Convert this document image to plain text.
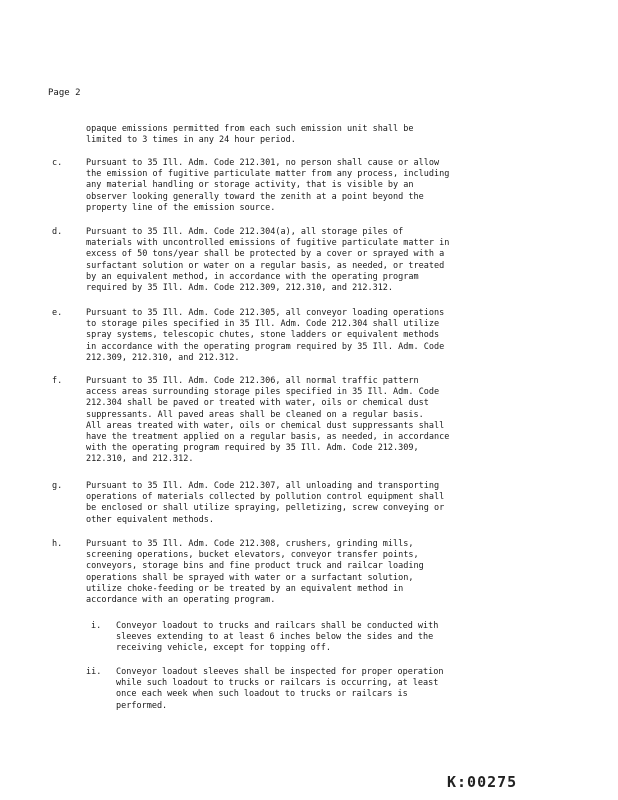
Page 2
opaque emissions permitted from each such emission unit shall be
limited to 3 times in any 24 hour period.
c.	Pursuant to 35 Ill. Adm. Code 212.301, no person shall cause or allow
the emission of fugitive particulate matter from any process, including
any material handling or storage activity, that is visible by an
observer looking generally toward the zenith at a point beyond the
property line of the emission source.
d.	Pursuant to 35 Ill. Adm. Code 212.304(a), all storage piles of
materials with uncontrolled emissions of fugitive particulate matter in
excess of 50 tons/year shall be protected by a cover or sprayed with a
surfactant solution or water on a regular basis, as needed, or treated
by an equivalent method, in accordance with the operating program
required by 35 Ill. Adm. Code 212.309, 212.310, and 212.312.
e.	Pursuant to 35 Ill. Adm. Code 212.305, all conveyor loading operations
to storage piles specified in 35 Ill. Adm. Code 212.304 shall utilize
spray systems, telescopic chutes, stone ladders or equivalent methods
in accordance with the operating program required by 35 Ill. Adm. Code
212.309, 212.310, and 212.312.
f.	Pursuant to 35 Ill. Adm. Code 212.306, all normal traffic pattern
access areas surrounding storage piles specified in 35 Ill. Adm. Code
212.304 shall be paved or treated with water, oils or chemical dust
suppressants. All paved areas shall be cleaned on a regular basis.
All areas treated with water, oils or chemical dust suppressants shall
have the treatment applied on a regular basis, as needed, in accordance
with the operating program required by 35 Ill. Adm. Code 212.309,
212.310, and 212.312.
g.	Pursuant to 35 Ill. Adm. Code 212.307, all unloading and transporting
operations of materials collected by pollution control equipment shall
be enclosed or shall utilize spraying, pelletizing, screw conveying or
other equivalent methods.
h.	Pursuant to 35 Ill. Adm. Code 212.308, crushers, grinding mills,
screening operations, bucket elevators, conveyor transfer points,
conveyors, storage bins and fine product truck and railcar loading
operations shall be sprayed with water or a surfactant solution,
utilize choke-feeding or be treated by an equivalent method in
accordance with an operating program.
i. Conveyor loadout to trucks and railcars shall be conducted with
sleeves extending to at least 6 inches below the sides and the
receiving vehicle, except for topping off.
ii. Conveyor loadout sleeves shall be inspected for proper operation
while such loadout to trucks or railcars is occurring, at least
once each week when such loadout to trucks or railcars is
performed.
K:00275
